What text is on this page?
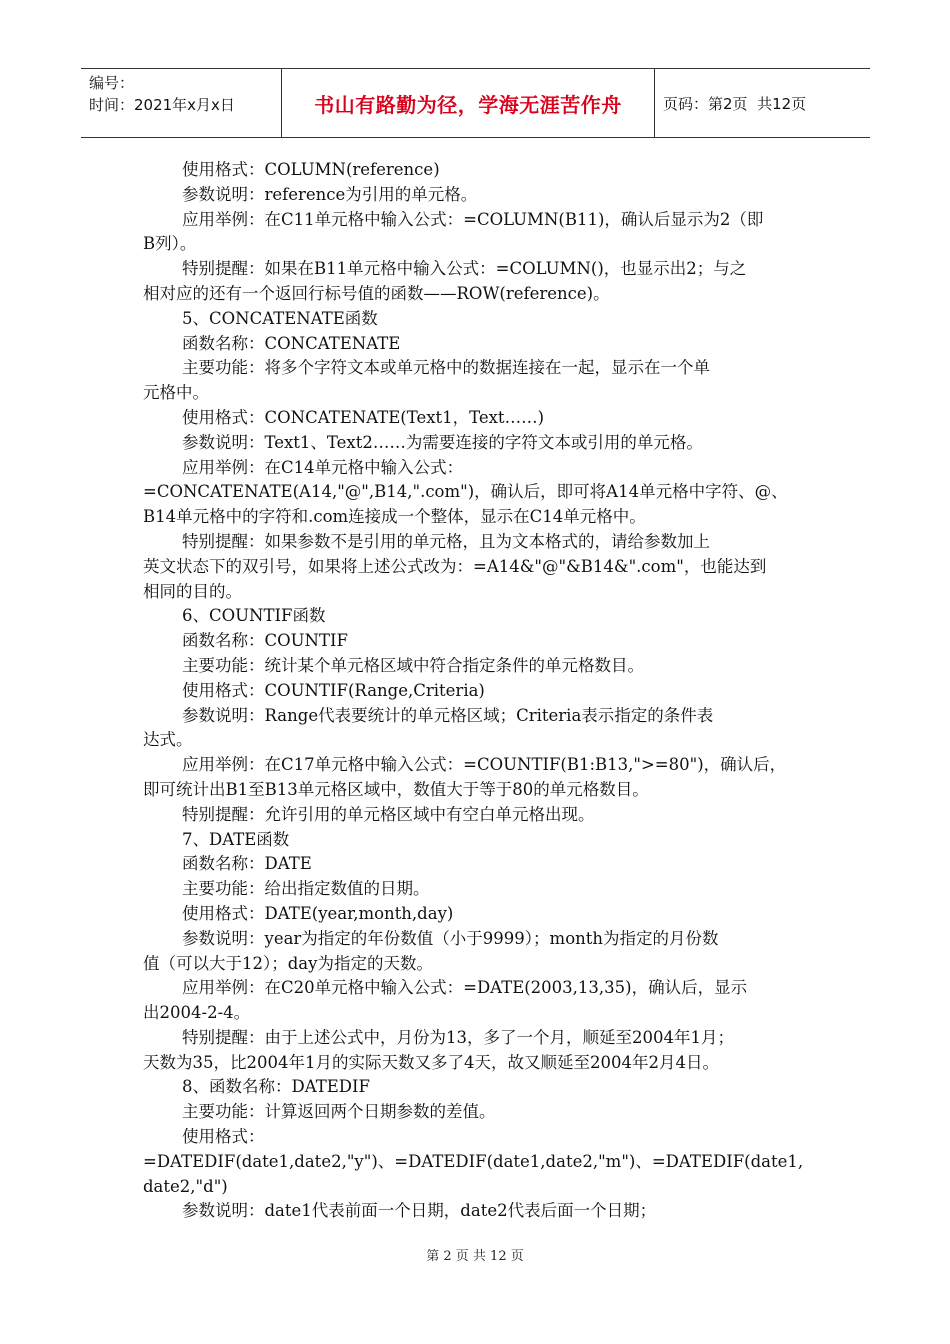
编号：
时间：2021年x月x日	书山有路勤为径，学海无涯苦作舟	页码：第2页  共12页

使用格式：COLUMN(reference)

参数说明：reference为引用的单元格。

应用举例：在C11单元格中输入公式：=COLUMN(B11)，确认后显示为2（即

B列）。

特别提醒：如果在B11单元格中输入公式：=COLUMN()，也显示出2；与之

相对应的还有一个返回行标号值的函数——ROW(reference)。

5、CONCATENATE函数

函数名称：CONCATENATE

主要功能：将多个字符文本或单元格中的数据连接在一起，显示在一个单

元格中。

使用格式：CONCATENATE(Text1，Text……)

参数说明：Text1、Text2……为需要连接的字符文本或引用的单元格。

应用举例：在C14单元格中输入公式：

=CONCATENATE(A14,"@",B14,".com")，确认后，即可将A14单元格中字符、@、

B14单元格中的字符和.com连接成一个整体，显示在C14单元格中。

特别提醒：如果参数不是引用的单元格，且为文本格式的，请给参数加上

英文状态下的双引号，如果将上述公式改为：=A14&"@"&B14&".com"，也能达到

相同的目的。

6、COUNTIF函数

函数名称：COUNTIF

主要功能：统计某个单元格区域中符合指定条件的单元格数目。

使用格式：COUNTIF(Range,Criteria)

参数说明：Range代表要统计的单元格区域；Criteria表示指定的条件表

达式。

应用举例：在C17单元格中输入公式：=COUNTIF(B1:B13,">=80")，确认后，

即可统计出B1至B13单元格区域中，数值大于等于80的单元格数目。

特别提醒：允许引用的单元格区域中有空白单元格出现。

7、DATE函数

函数名称：DATE

主要功能：给出指定数值的日期。

使用格式：DATE(year,month,day)

参数说明：year为指定的年份数值（小于9999）；month为指定的月份数

值（可以大于12）；day为指定的天数。

应用举例：在C20单元格中输入公式：=DATE(2003,13,35)，确认后，显示

出2004-2-4。

特别提醒：由于上述公式中，月份为13，多了一个月，顺延至2004年1月；

天数为35，比2004年1月的实际天数又多了4天，故又顺延至2004年2月4日。

8、函数名称：DATEDIF

主要功能：计算返回两个日期参数的差值。

使用格式：

=DATEDIF(date1,date2,"y")、=DATEDIF(date1,date2,"m")、=DATEDIF(date1,

date2,"d")

参数说明：date1代表前面一个日期，date2代表后面一个日期；

第 2 页 共 12 页
